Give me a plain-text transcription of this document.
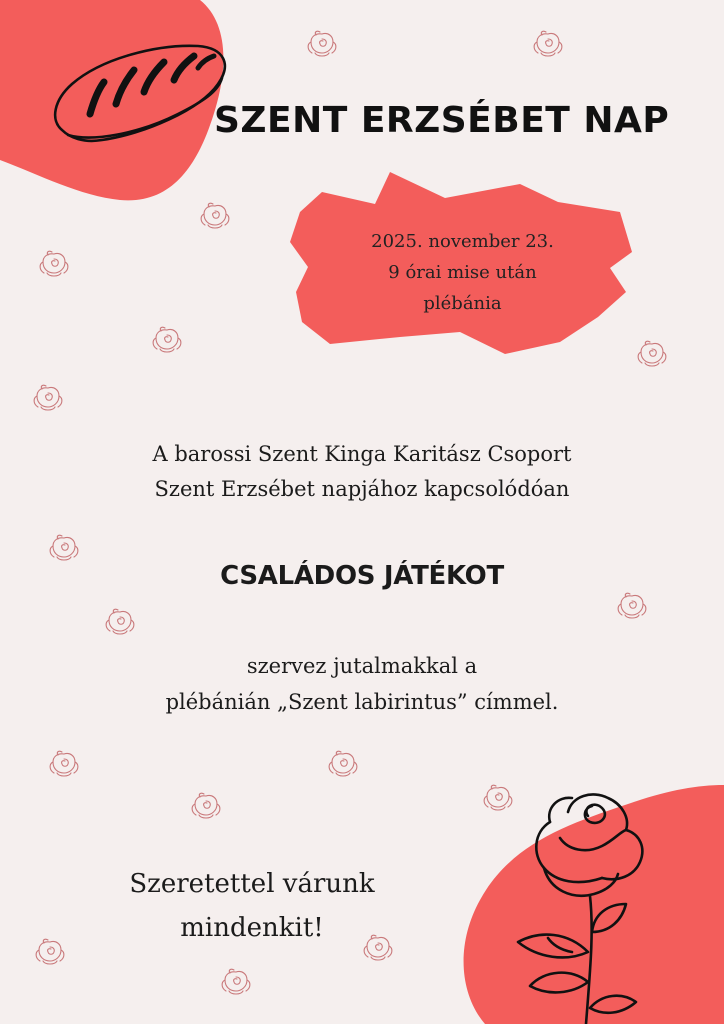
SZENT ERZSÉBET NAP
2025. november 23.
9 órai mise után
plébánia
A barossi Szent Kinga Karitász Csoport
Szent Erzsébet napjához kapcsolódóan
CSALÁDOS JÁTÉKOT
szervez jutalmakkal a
plébánián „Szent labirintus” címmel.
Szeretettel várunk
mindenkit!
